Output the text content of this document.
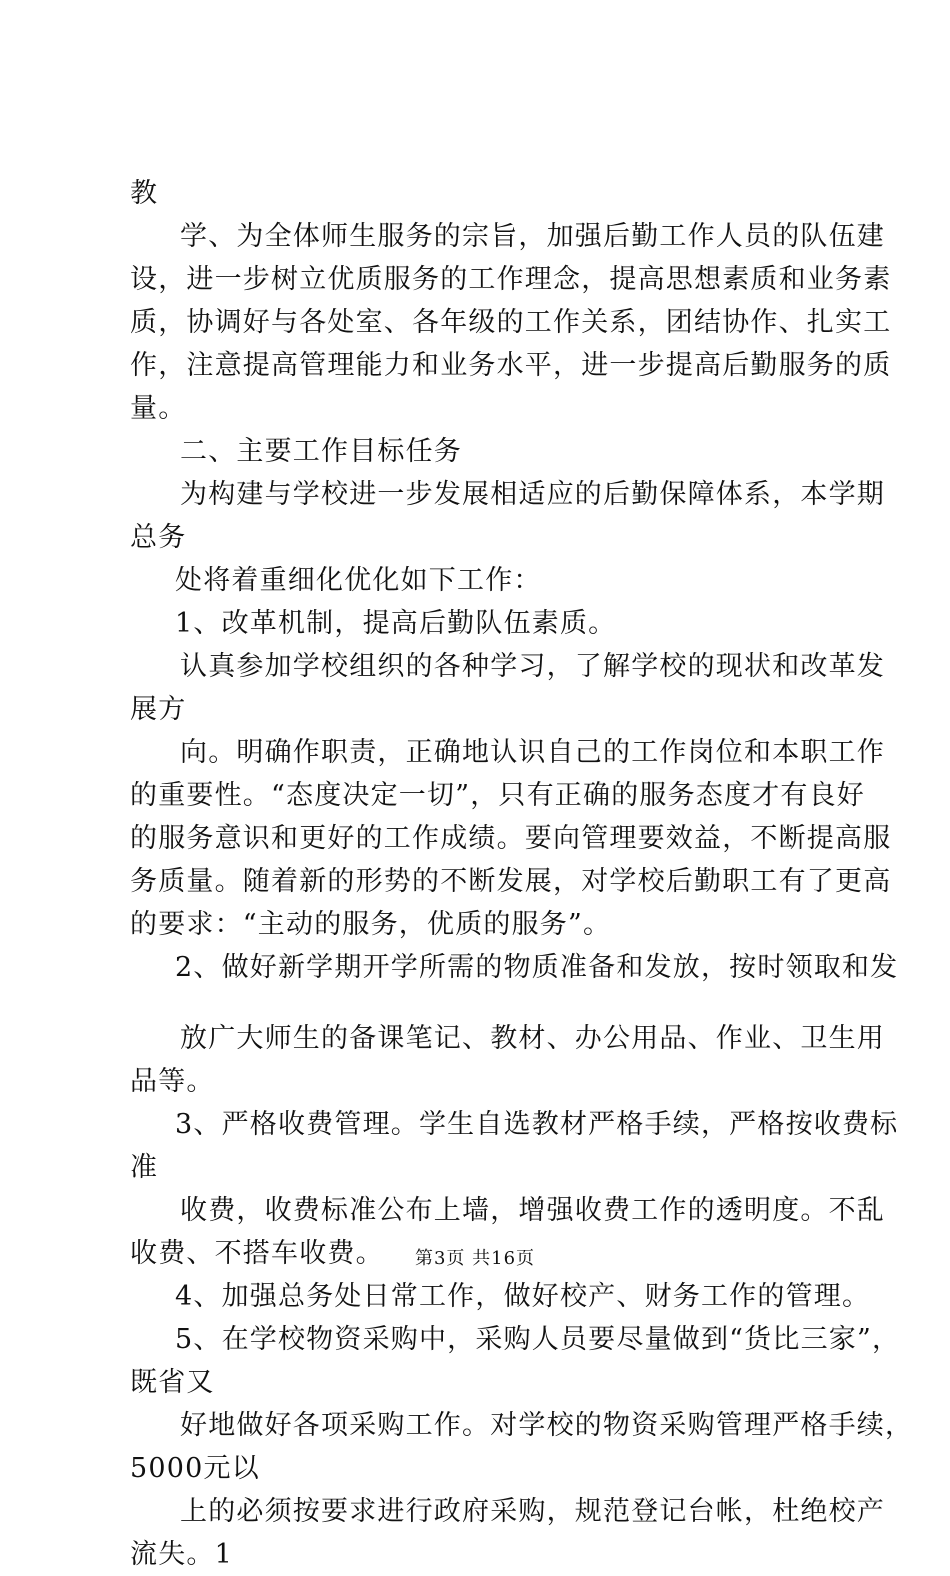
教
学、为全体师生服务的宗旨，加强后勤工作人员的队伍建
设，进一步树立优质服务的工作理念，提高思想素质和业务素
质，协调好与各处室、各年级的工作关系，团结协作、扎实工
作，注意提高管理能力和业务水平，进一步提高后勤服务的质
量。
二、主要工作目标任务
为构建与学校进一步发展相适应的后勤保障体系，本学期
总务
处将着重细化优化如下工作：
1、改革机制，提高后勤队伍素质。
认真参加学校组织的各种学习，了解学校的现状和改革发
展方
向。明确作职责，正确地认识自己的工作岗位和本职工作
的重要性。“态度决定一切”，只有正确的服务态度才有良好
的服务意识和更好的工作成绩。要向管理要效益，不断提高服
务质量。随着新的形势的不断发展，对学校后勤职工有了更高
的要求：“主动的服务，优质的服务”。
2、做好新学期开学所需的物质准备和发放，按时领取和发
放广大师生的备课笔记、教材、办公用品、作业、卫生用
品等。
3、严格收费管理。学生自选教材严格手续，严格按收费标
准
收费，收费标准公布上墙，增强收费工作的透明度。不乱
收费、不搭车收费。
4、加强总务处日常工作，做好校产、财务工作的管理。
5、在学校物资采购中，采购人员要尽量做到“货比三家”，
既省又
好地做好各项采购工作。对学校的物资采购管理严格手续，
5000元以
上的必须按要求进行政府采购，规范登记台帐，杜绝校产
流失。1
第3页 共16页
